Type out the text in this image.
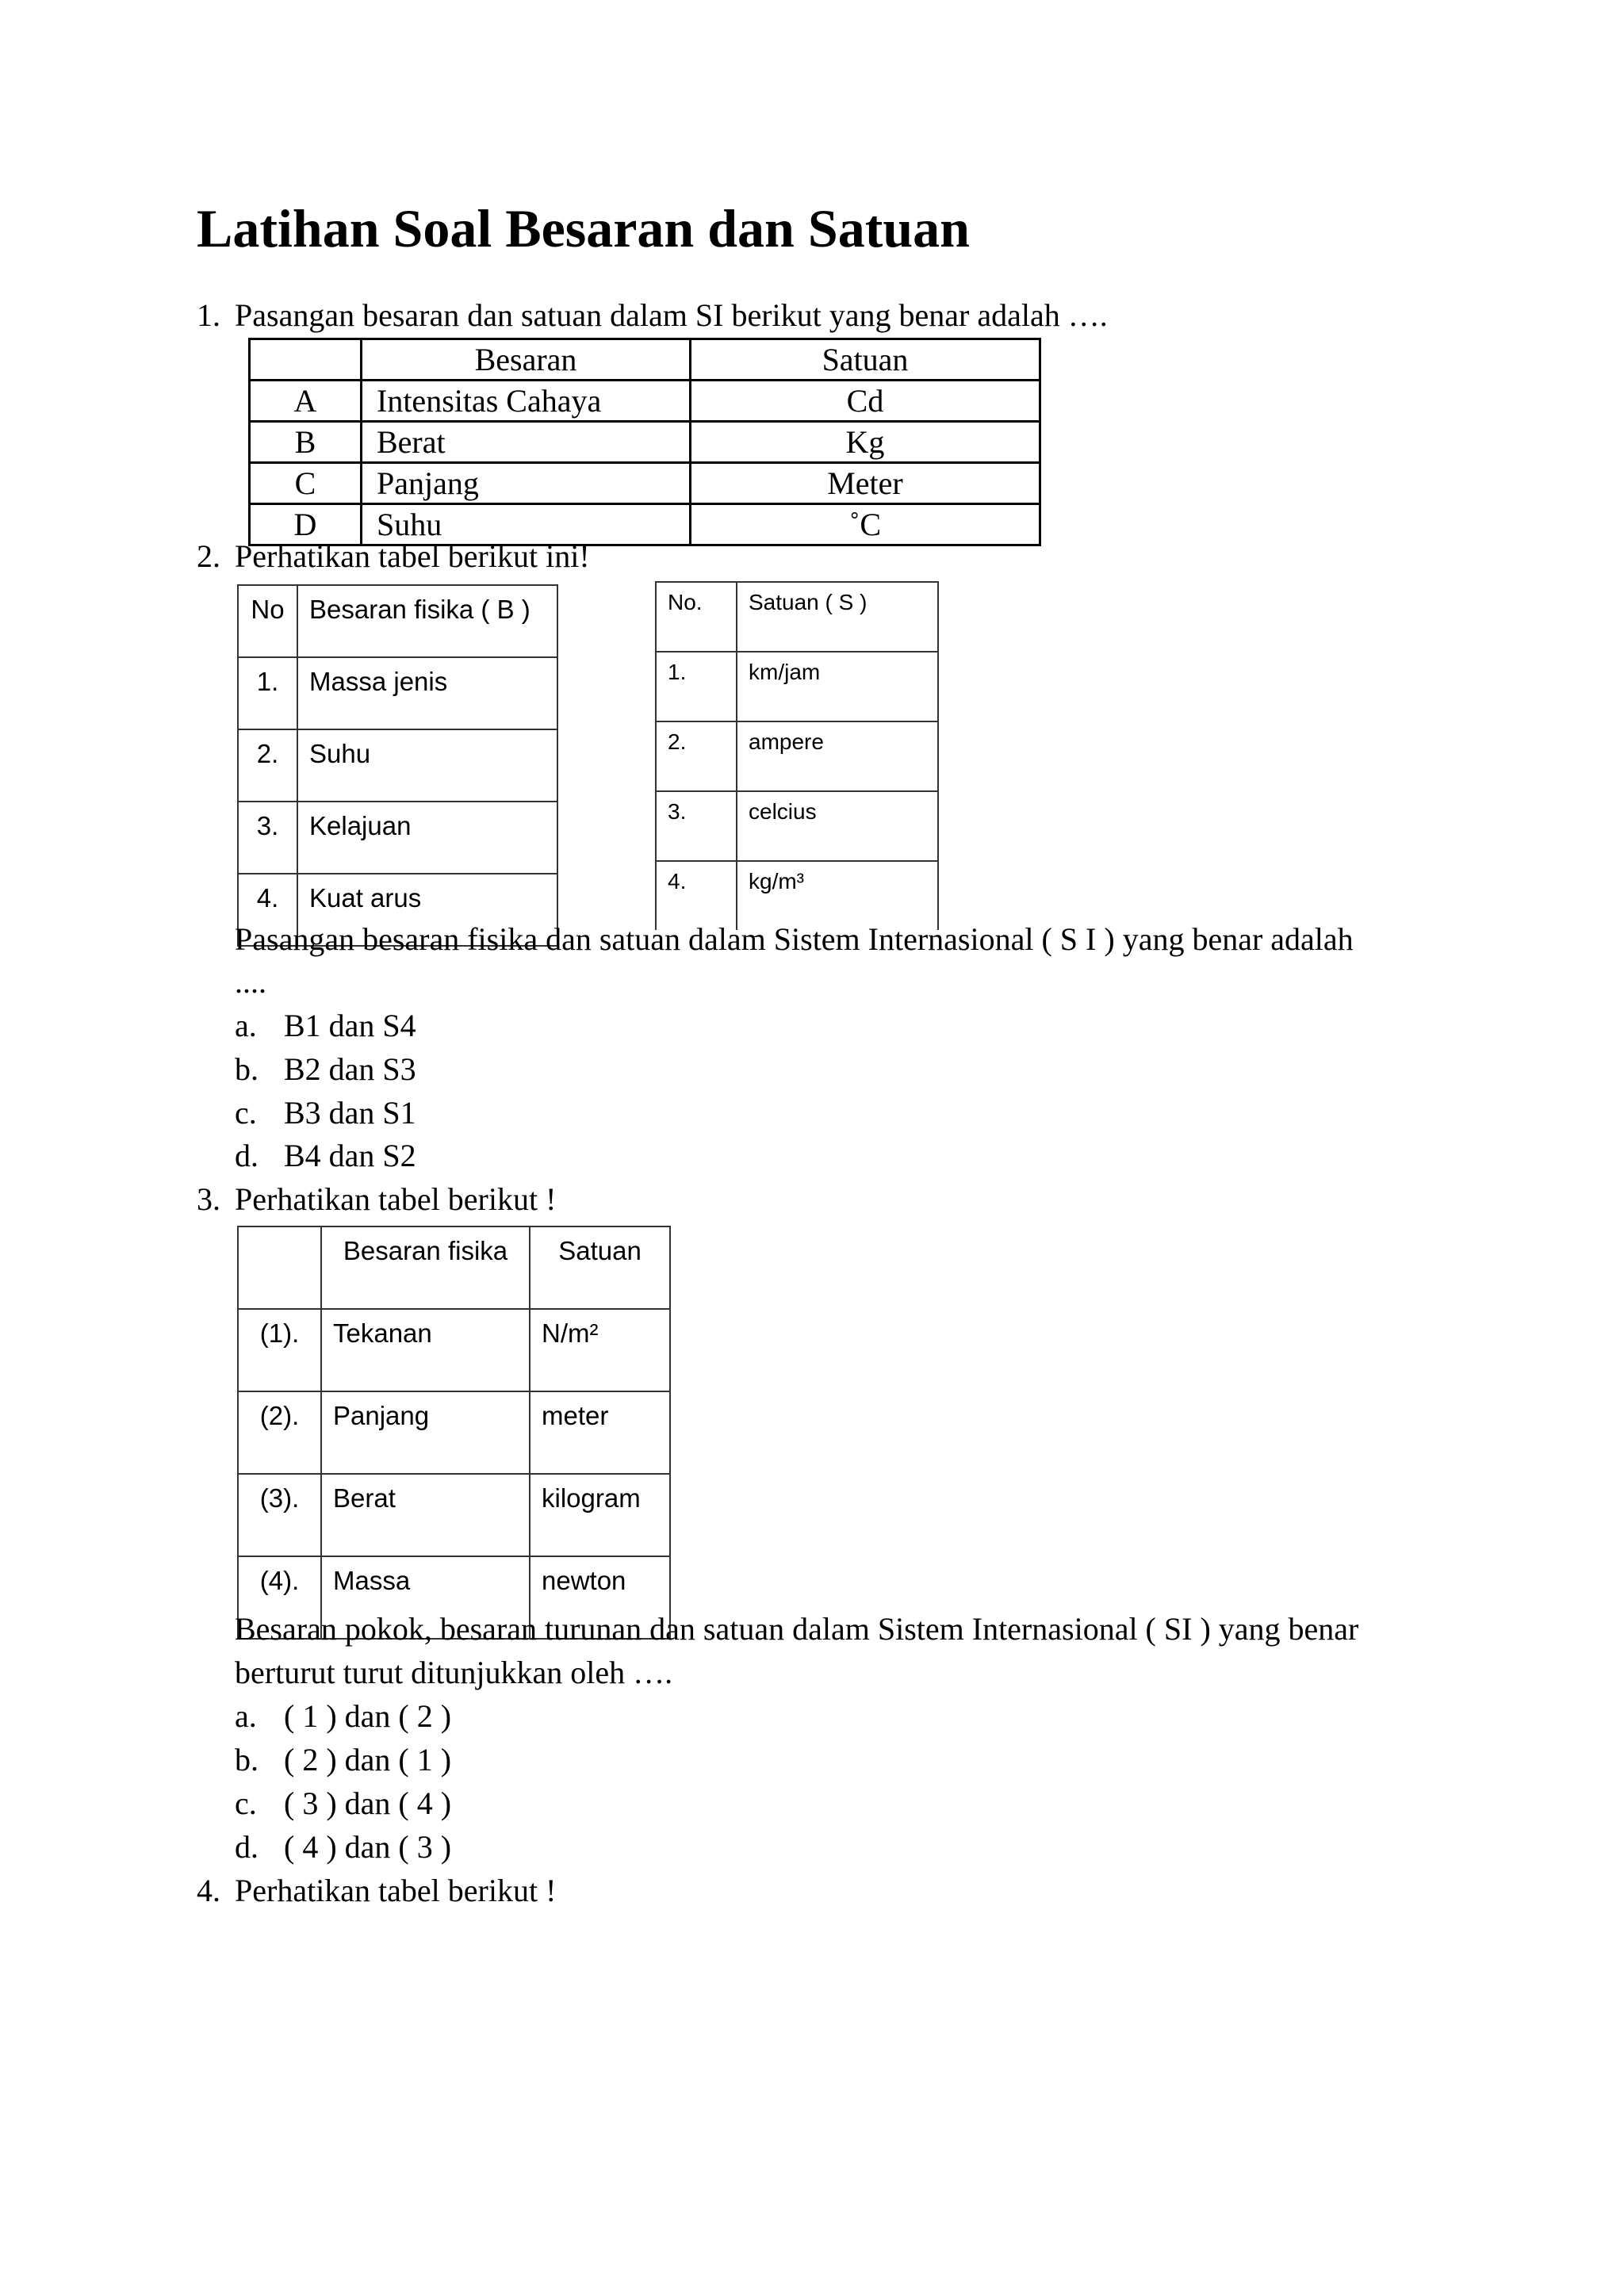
Latihan Soal Besaran dan Satuan
1. Pasangan besaran dan satuan dalam SI berikut yang benar adalah ….
	Besaran	Satuan
A	Intensitas Cahaya	Cd
B	Berat	Kg
C	Panjang	Meter
D	Suhu	˚C
2. Perhatikan tabel berikut ini!
No	Besaran fisika ( B )
1.	Massa jenis
2.	Suhu
3.	Kelajuan
4.	Kuat arus
No.	Satuan ( S )
1.	km/jam
2.	ampere
3.	celcius
4.	kg/m³
Pasangan besaran fisika dan satuan dalam Sistem Internasional ( S I ) yang benar adalah
....
a. B1 dan S4
b. B2 dan S3
c. B3 dan S1
d. B4 dan S2
3. Perhatikan tabel berikut !
	Besaran fisika	Satuan
(1).	Tekanan	N/m²
(2).	Panjang	meter
(3).	Berat	kilogram
(4).	Massa	newton
Besaran pokok, besaran turunan dan satuan dalam Sistem Internasional ( SI ) yang benar
berturut turut ditunjukkan oleh ….
a. ( 1 ) dan ( 2 )
b. ( 2 ) dan ( 1 )
c. ( 3 ) dan ( 4 )
d. ( 4 ) dan ( 3 )
4. Perhatikan tabel berikut !
